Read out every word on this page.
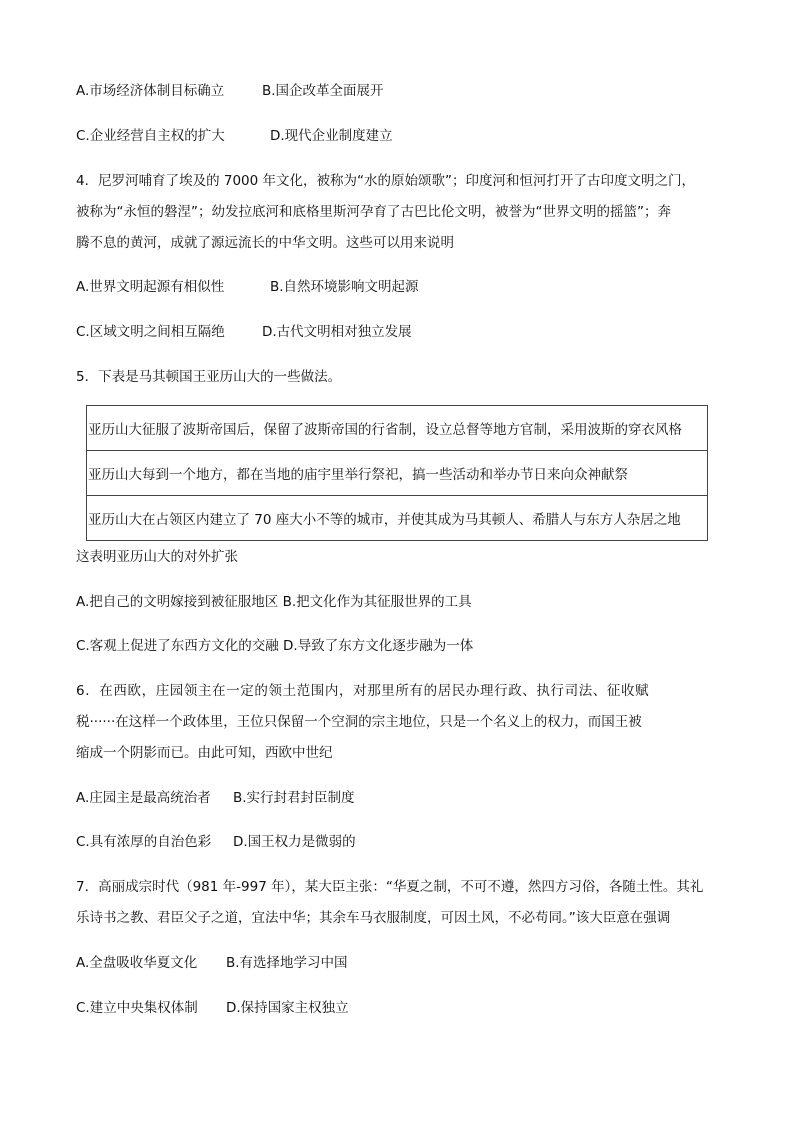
A.市场经济体制目标确立	B.国企改革全面展开
C.企业经营自主权的扩大	D.现代企业制度建立
4．尼罗河哺育了埃及的 7000 年文化，被称为“水的原始颂歌”；印度河和恒河打开了古印度文明之门，
被称为“永恒的磐涅”；幼发拉底河和底格里斯河孕育了古巴比伦文明，被誉为“世界文明的摇篮”；奔
腾不息的黄河，成就了源远流长的中华文明。这些可以用来说明
A.世界文明起源有相似性	B.自然环境影响文明起源
C.区域文明之间相互隔绝	D.古代文明相对独立发展
5．下表是马其顿国王亚历山大的一些做法。
亚历山大征服了波斯帝国后，保留了波斯帝国的行省制，设立总督等地方官制，采用波斯的穿衣风格
亚历山大每到一个地方，都在当地的庙宇里举行祭祀，搞一些活动和举办节日来向众神献祭
亚历山大在占领区内建立了 70 座大小不等的城市，并使其成为马其顿人、希腊人与东方人杂居之地
这表明亚历山大的对外扩张
A.把自己的文明嫁接到被征服地区 B.把文化作为其征服世界的工具
C.客观上促进了东西方文化的交融 D.导致了东方文化逐步融为一体
6．在西欧，庄园领主在一定的领土范围内，对那里所有的居民办理行政、执行司法、征收赋
税······在这样一个政体里，王位只保留一个空洞的宗主地位，只是一个名义上的权力，而国王被
缩成一个阴影而已。由此可知，西欧中世纪
A.庄园主是最高统治者 B.实行封君封臣制度
C.具有浓厚的自治色彩 D.国王权力是微弱的
7．高丽成宗时代（981 年-997 年），某大臣主张：“华夏之制，不可不遵，然四方习俗，各随土性。其礼
乐诗书之教、君臣父子之道，宜法中华；其余车马衣服制度，可因土风，不必苟同。”该大臣意在强调
A.全盘吸收华夏文化 B.有选择地学习中国
C.建立中央集权体制 D.保持国家主权独立
